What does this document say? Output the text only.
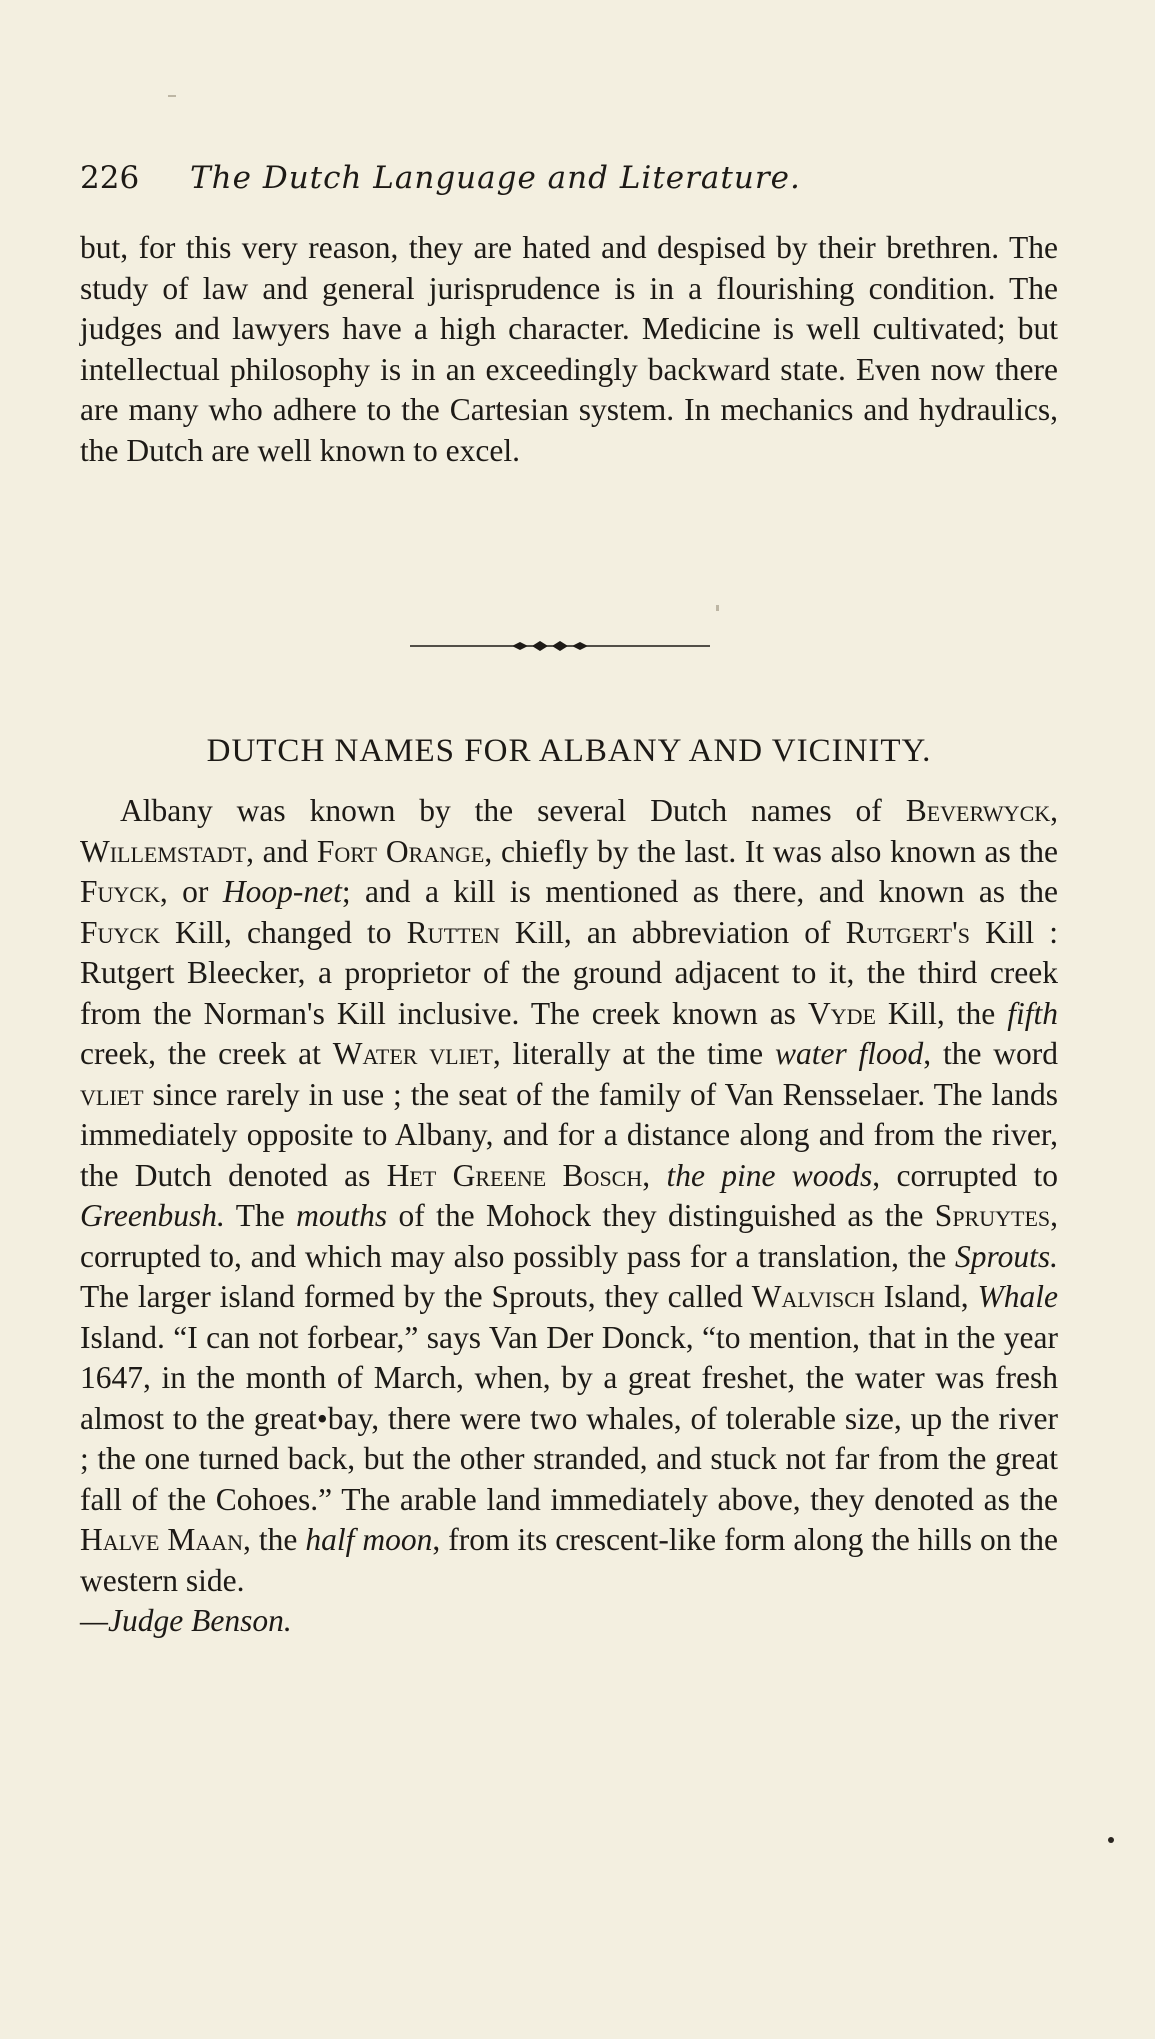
226 The Dutch Language and Literature.

but, for this very reason, they are hated and despised by their brethren. The study of law and general jurisprudence is in a flourishing condition. The judges and lawyers have a high character. Medicine is well cultivated; but intellectual philosophy is in an exceedingly backward state. Even now there are many who adhere to the Cartesian system. In mechanics and hydraulics, the Dutch are well known to excel.

DUTCH NAMES FOR ALBANY AND VICINITY.

Albany was known by the several Dutch names of Beverwyck, Willemstadt, and Fort Orange, chiefly by the last. It was also known as the Fuyck, or Hoop-net; and a kill is mentioned as there, and known as the Fuyck Kill, changed to Rutten Kill, an abbreviation of Rutgert's Kill : Rutgert Bleecker, a proprietor of the ground adjacent to it, the third creek from the Norman's Kill inclusive. The creek known as Vyde Kill, the fifth creek, the creek at Water vliet, literally at the time water flood, the word vliet since rarely in use ; the seat of the family of Van Rensselaer. The lands immediately opposite to Albany, and for a distance along and from the river, the Dutch denoted as Het Greene Bosch, the pine woods, corrupted to Greenbush. The mouths of the Mohock they distinguished as the Spruytes, corrupted to, and which may also possibly pass for a translation, the Sprouts. The larger island formed by the Sprouts, they called Walvisch Island, Whale Island. “I can not forbear,” says Van Der Donck, “to mention, that in the year 1647, in the month of March, when, by a great freshet, the water was fresh almost to the great•bay, there were two whales, of tolerable size, up the river ; the one turned back, but the other stranded, and stuck not far from the great fall of the Cohoes.” The arable land immediately above, they denoted as the Halve Maan, the half moon, from its crescent-like form along the hills on the western side.
—Judge Benson.
